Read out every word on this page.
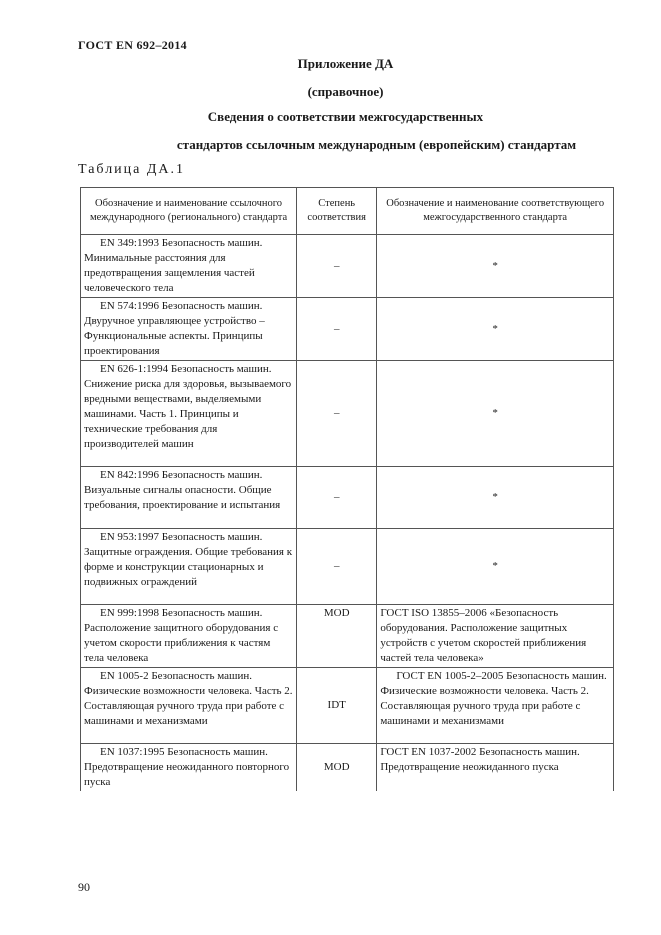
ГОСТ EN 692–2014
Приложение ДА
(справочное)
Сведения о соответствии межгосударственных
стандартов ссылочным международным (европейским) стандартам
Таблица ДА.1
Обозначение и наименование ссылочного международного (регионального) стандарта	Степень соответствия	Обозначение и наименование соответствующего межгосударственного стандарта
EN 349:1993 Безопасность машин. Минимальные расстояния для предотвращения защемления частей человеческого тела	–	*
EN 574:1996 Безопасность машин. Двуручное управляющее устройство – Функциональные аспекты. Принципы проектирования	–	*
EN 626-1:1994 Безопасность машин. Снижение риска для здоровья, вызываемого вредными веществами, выделяемыми машинами. Часть 1. Принципы и технические требования для производителей машин	–	*
EN 842:1996 Безопасность машин. Визуальные сигналы опасности. Общие требования, проектирование и испытания	–	*
EN 953:1997 Безопасность машин. Защитные ограждения. Общие требования к форме и конструкции стационарных и подвижных ограждений	–	*
EN 999:1998 Безопасность машин. Расположение защитного оборудования с учетом скорости приближения к частям тела человека	MOD	ГОСТ ISO 13855–2006 «Безопасность оборудования. Расположение защитных устройств с учетом скоростей приближения частей тела человека»
EN 1005-2 Безопасность машин. Физические возможности человека. Часть 2. Составляющая ручного труда при работе с машинами и механизмами	IDT	ГОСТ EN 1005-2–2005 Безопасность машин. Физические возможности человека. Часть 2. Составляющая ручного труда при работе с машинами и механизмами
EN 1037:1995 Безопасность машин. Предотвращение неожиданного повторного пуска	MOD	ГОСТ EN 1037-2002 Безопасность машин. Предотвращение неожиданного пуска
90
